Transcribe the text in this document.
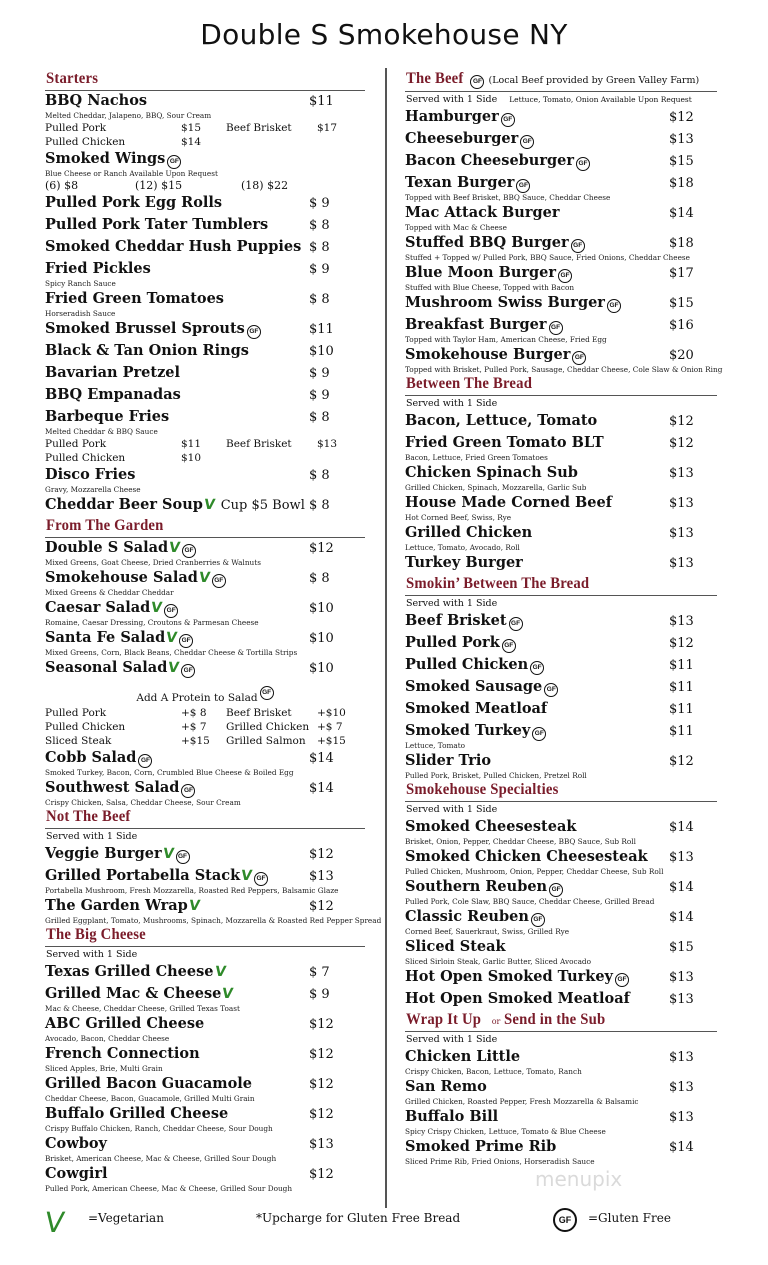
Double S Smokehouse NY
Starters
BBQ Nachos	$11
Melted Cheddar, Jalapeno, BBQ, Sour Cream
Pulled Pork	$15	Beef Brisket	$17
Pulled Chicken	$14
Smoked Wings GF
Blue Cheese or Ranch Available Upon Request
(6) $8	(12) $15	(18) $22
Pulled Pork Egg Rolls	$ 9
Pulled Pork Tater Tumblers	$ 8
Smoked Cheddar Hush Puppies $ 8
Fried Pickles	$ 9
Spicy Ranch Sauce
Fried Green Tomatoes	$ 8
Horseradish Sauce
Smoked Brussel Sprouts GF	$11
Black & Tan Onion Rings	$10
Bavarian Pretzel	$ 9
BBQ Empanadas	$ 9
Barbeque Fries	$ 8
Melted Cheddar & BBQ Sauce
Pulled Pork	$11	Beef Brisket	$13
Pulled Chicken	$10
Disco Fries	$ 8
Gravy, Mozzarella Cheese
Cheddar Beer Soup V Cup $5 Bowl $ 8
From The Garden
Double S Salad V GF	$12
Mixed Greens, Goat Cheese, Dried Cranberries & Walnuts
Smokehouse Salad V GF	$ 8
Mixed Greens & Cheddar Cheddar
Caesar Salad V GF	$10
Romaine, Caesar Dressing, Croutons & Parmesan Cheese
Santa Fe Salad V GF	$10
Mixed Greens, Corn, Black Beans, Cheddar Cheese & Tortilla Strips
Seasonal Salad V GF	$10
Add A Protein to Salad GF
Pulled Pork	+$ 8	Beef Brisket	+$10
Pulled Chicken	+$ 7	Grilled Chicken +$ 7
Sliced Steak	+$15	Grilled Salmon	+$15
Cobb Salad GF	$14
Smoked Turkey, Bacon, Corn, Crumbled Blue Cheese & Boiled Egg
Southwest Salad GF	$14
Crispy Chicken, Salsa, Cheddar Cheese, Sour Cream
Not The Beef
Served with 1 Side
Veggie Burger V GF	$12
Grilled Portabella Stack V GF	$13
Portabella Mushroom, Fresh Mozzarella, Roasted Red Peppers, Balsamic Glaze
The Garden Wrap V	$12
Grilled Eggplant, Tomato, Mushrooms, Spinach, Mozzarella & Roasted Red Pepper Spread
The Big Cheese
Served with 1 Side
Texas Grilled Cheese V	$ 7
Grilled Mac & Cheese V	$ 9
Mac & Cheese, Cheddar Cheese, Grilled Texas Toast
ABC Grilled Cheese	$12
Avocado, Bacon, Cheddar Cheese
French Connection	$12
Sliced Apples, Brie, Multi Grain
Grilled Bacon Guacamole	$12
Cheddar Cheese, Bacon, Guacamole, Grilled Multi Grain
Buffalo Grilled Cheese	$12
Crispy Buffalo Chicken, Ranch, Cheddar Cheese, Sour Dough
Cowboy	$13
Brisket, American Cheese, Mac & Cheese, Grilled Sour Dough
Cowgirl	$12
Pulled Pork, American Cheese, Mac & Cheese, Grilled Sour Dough
The Beef	GF (Local Beef provided by Green Valley Farm)
Served with 1 Side Lettuce, Tomato, Onion Available Upon Request
Hamburger GF	$12
Cheeseburger GF	$13
Bacon Cheeseburger GF	$15
Texan Burger GF	$18
Topped with Beef Brisket, BBQ Sauce, Cheddar Cheese
Mac Attack Burger	$14
Topped with Mac & Cheese
Stuffed BBQ Burger GF	$18
Stuffed + Topped w/ Pulled Pork, BBQ Sauce, Fried Onions, Cheddar Cheese
Blue Moon Burger GF	$17
Stuffed with Blue Cheese, Topped with Bacon
Mushroom Swiss Burger GF	$15
Breakfast Burger GF	$16
Topped with Taylor Ham, American Cheese, Fried Egg
Smokehouse Burger GF	$20
Topped with Brisket, Pulled Pork, Sausage, Cheddar Cheese, Cole Slaw & Onion Ring
Between The Bread
Served with 1 Side
Bacon, Lettuce, Tomato	$12
Fried Green Tomato BLT	$12
Bacon, Lettuce, Fried Green Tomatoes
Chicken Spinach Sub	$13
Grilled Chicken, Spinach, Mozzarella, Garlic Sub
House Made Corned Beef	$13
Hot Corned Beef, Swiss, Rye
Grilled Chicken	$13
Lettuce, Tomato, Avocado, Roll
Turkey Burger	$13
Smokin’ Between The Bread
Served with 1 Side
Beef Brisket GF	$13
Pulled Pork GF	$12
Pulled Chicken GF	$11
Smoked Sausage GF	$11
Smoked Meatloaf	$11
Smoked Turkey GF	$11
Lettuce, Tomato
Slider Trio	$12
Pulled Pork, Brisket, Pulled Chicken, Pretzel Roll
Smokehouse Specialties
Served with 1 Side
Smoked Cheesesteak	$14
Brisket, Onion, Pepper, Cheddar Cheese, BBQ Sauce, Sub Roll
Smoked Chicken Cheesesteak $13
Pulled Chicken, Mushroom, Onion, Pepper, Cheddar Cheese, Sub Roll
Southern Reuben GF	$14
Pulled Pork, Cole Slaw, BBQ Sauce, Cheddar Cheese, Grilled Bread
Classic Reuben GF	$14
Corned Beef, Sauerkraut, Swiss, Grilled Rye
Sliced Steak	$15
Sliced Sirloin Steak, Garlic Butter, Sliced Avocado
Hot Open Smoked Turkey GF	$13
Hot Open Smoked Meatloaf	$13
Wrap It Up or Send in the Sub
Served with 1 Side
Chicken Little	$13
Crispy Chicken, Bacon, Lettuce, Tomato, Ranch
San Remo	$13
Grilled Chicken, Roasted Pepper, Fresh Mozzarella & Balsamic
Buffalo Bill	$13
Spicy Crispy Chicken, Lettuce, Tomato & Blue Cheese
Smoked Prime Rib	$14
Sliced Prime Rib, Fried Onions, Horseradish Sauce
V =Vegetarian	*Upcharge for Gluten Free Bread	GF	=Gluten Free
menupix
